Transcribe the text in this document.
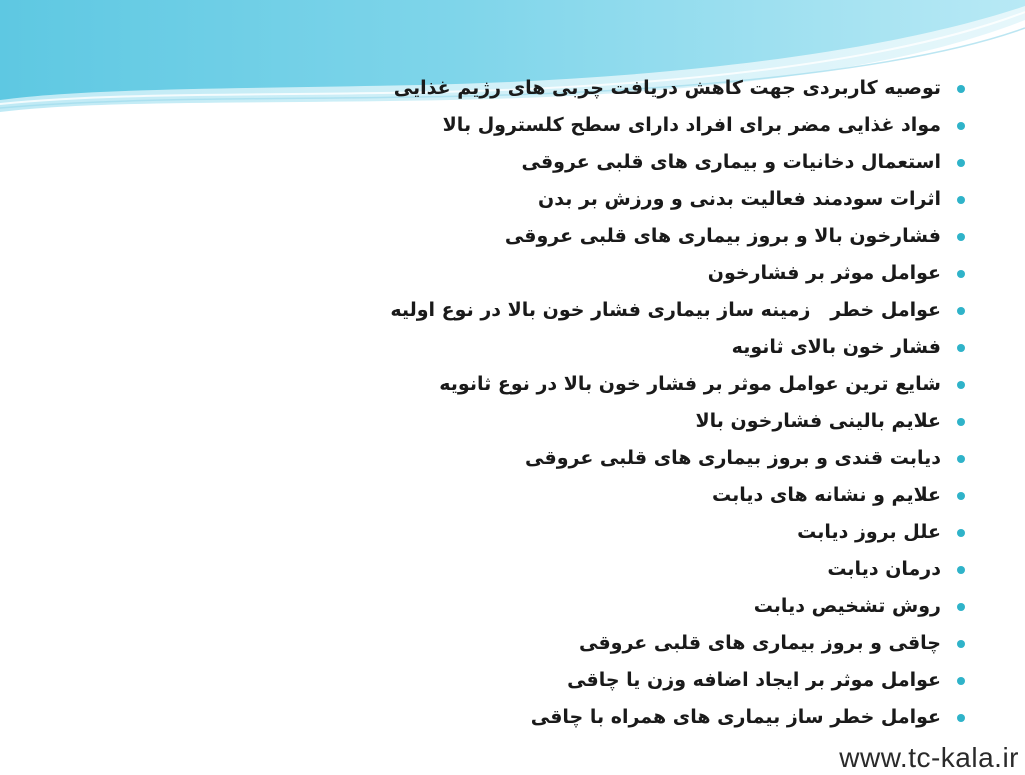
توصیه کاربردی جهت کاهش دریافت چربی های رژیم غذایی
مواد غذایی مضر برای افراد دارای سطح کلسترول بالا
استعمال دخانیات و بیماری های قلبی عروقی
اثرات سودمند فعالیت بدنی و ورزش بر بدن
فشارخون بالا و بروز بیماری های قلبی عروقی
عوامل موثر بر فشارخون
عوامل خطر   زمینه ساز بیماری فشار خون بالا در نوع اولیه
فشار خون بالای ثانویه
شایع ترین عوامل موثر بر فشار خون بالا در نوع ثانویه
علایم بالینی فشارخون بالا
دیابت قندی و بروز بیماری های قلبی عروقی
علایم و نشانه های دیابت
علل بروز دیابت
درمان دیابت
روش تشخیص دیابت
چاقی و بروز بیماری های قلبی عروقی
عوامل موثر بر ایجاد اضافه وزن یا چاقی
عوامل خطر ساز بیماری های همراه با چاقی
www.tc-kala.ir
